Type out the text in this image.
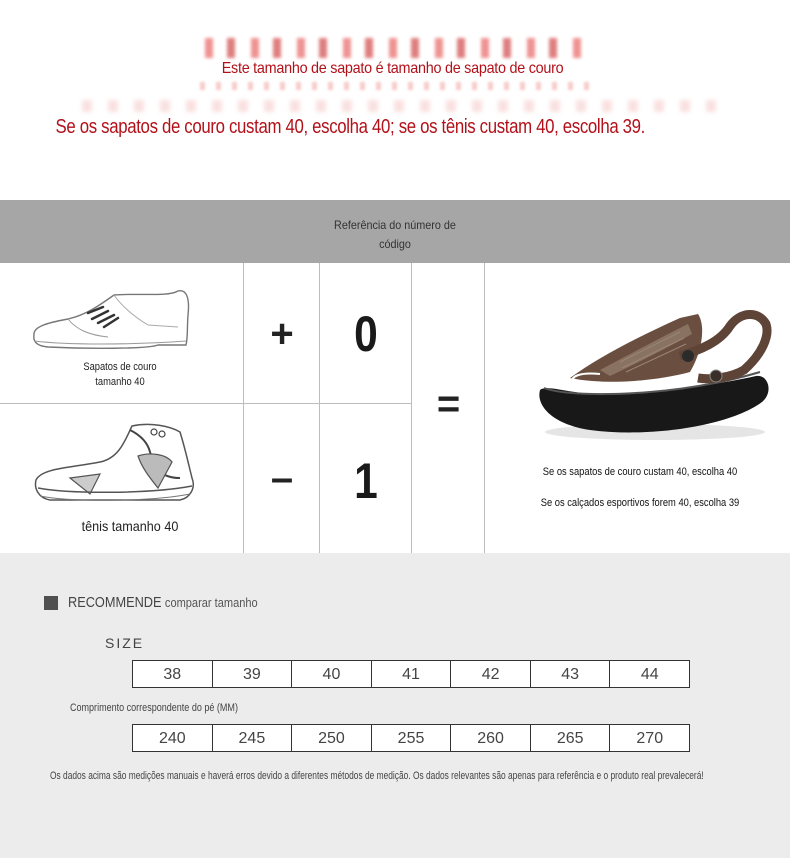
Este tamanho de sapato é tamanho de sapato de couro
Se os sapatos de couro custam 40, escolha 40; se os tênis custam 40, escolha 39.
Referência do número de código
Sapatos de couro tamanho 40
tênis tamanho 40
+	0
–	1
=
Se os sapatos de couro custam 40, escolha 40
Se os calçados esportivos forem 40, escolha 39
RECOMMENDE comparar tamanho
SIZE
38	39	40	41	42	43	44
Comprimento correspondente do pé (MM)
240	245	250	255	260	265	270
Os dados acima são medições manuais e haverá erros devido a diferentes métodos de medição. Os dados relevantes são apenas para referência e o produto real prevalecerá!
